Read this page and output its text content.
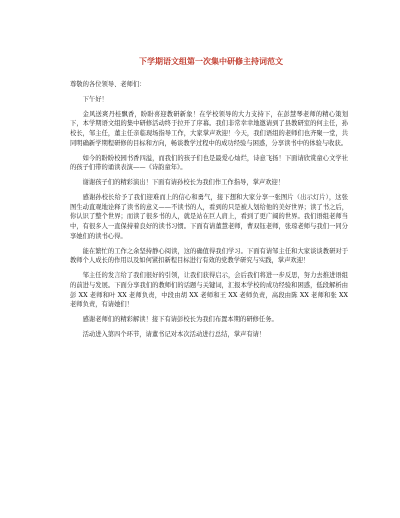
下学期语文组第一次集中研修主持词范文

尊敬的各位领导、老师们：

下午好！

金风送爽丹桂飘香，盼盼喜迎教研新象！在学校领导的大力支持下，在彭慧琴老师的精心策划下，本学期语文组的集中研修活动终于拉开了序幕。我们非常幸幸地邀请到了县教研室的何主任，孙校长，邹主任，董主任亲临现场指导工作，大家掌声欢迎！今天，我们语组的老师们也齐聚一堂，共同明确新学期程研修的目标和方向，畅谈教学过程中的成功经验与困惑，分享读书中的体验与收获。

如今的盼盼校园书香四溢，而我们的孩子们也是最爱心灿烂，诗意飞扬！下面请欣赏童心文学社的孩子们带的诵读表演——《诗韵童年》。

谢谢孩子们的精彩演出！下面有请孙校长为我们作工作指导，掌声欢迎！

感谢孙校长给予了我们迎难而上的信心和勇气，接下想和大家分享一张图片（出示灯片），这张图生动直观地诠释了读书的意义——不读书的人，看到的只是被人划给他的美好世界；读了书之后，你认识了整个世界；而读了很多书的人，就是站在巨人肩上，看到了更广阔的世界。我们语组老师当中，有很多人一直保持着良好的读书习惯。下面有请董慧老师，曹双钰老师，张琼老师与我们一同分享她们的读书心得。

能在繁忙的工作之余坚持静心阅读，这的确值得我们学习。下面有请邹主任和大家谈谈教研对于教师个人成长的作用以及如何紧扣新程目标进行有效的党教学研究与实践，掌声欢迎！

邹主任的发言给了我们很好的引领，让我们获得启示，会后我们将进一步反思，努力去推进语组的前进与发展。下面分享我们的教师们的话题与关键词，汇报本学校的成功经验和困惑，低段解析由彭 XX 老师和叶 XX 老师负责，中段由胡 XX 老师和王 XX 老师负责，高段由陈 XX 老师和张 XX 老师负责，有请她们！

感谢老师们的精彩解读！接下有请彭校长为我们布置本期的研修任务。

活动进入第四个环节，请董书记对本次活动进行总结，掌声有请！
